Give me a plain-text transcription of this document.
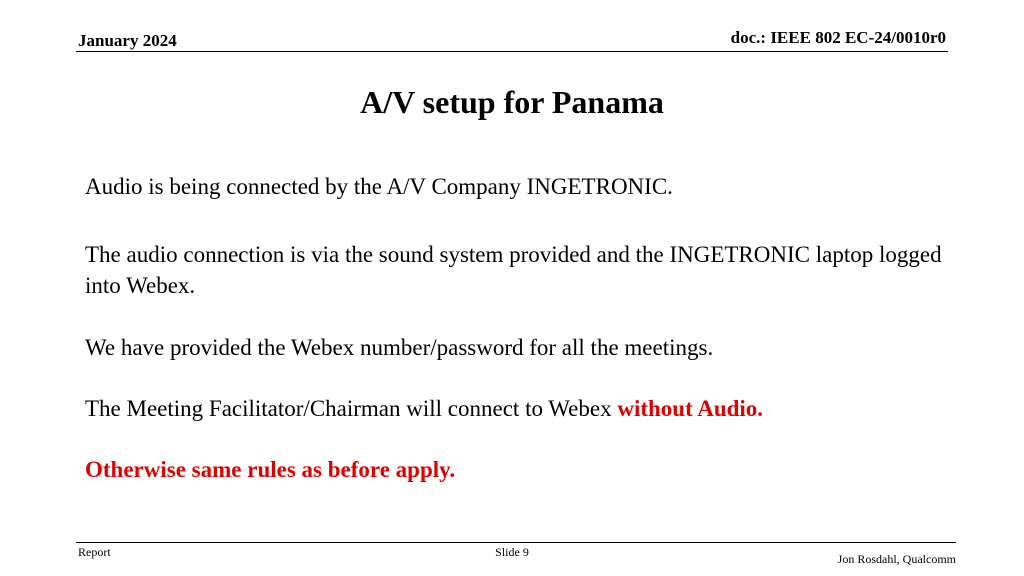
doc.: IEEE 802 EC-24/0010r0
January 2024
A/V setup for Panama
Audio is being connected by the A/V Company INGETRONIC.
The audio connection is via the sound system provided and the INGETRONIC laptop logged into Webex.
We have provided the Webex number/password for all the meetings.
The Meeting Facilitator/Chairman will connect to Webex without Audio.
Otherwise same rules as before apply.
Report	Slide 9	Jon Rosdahl, Qualcomm
